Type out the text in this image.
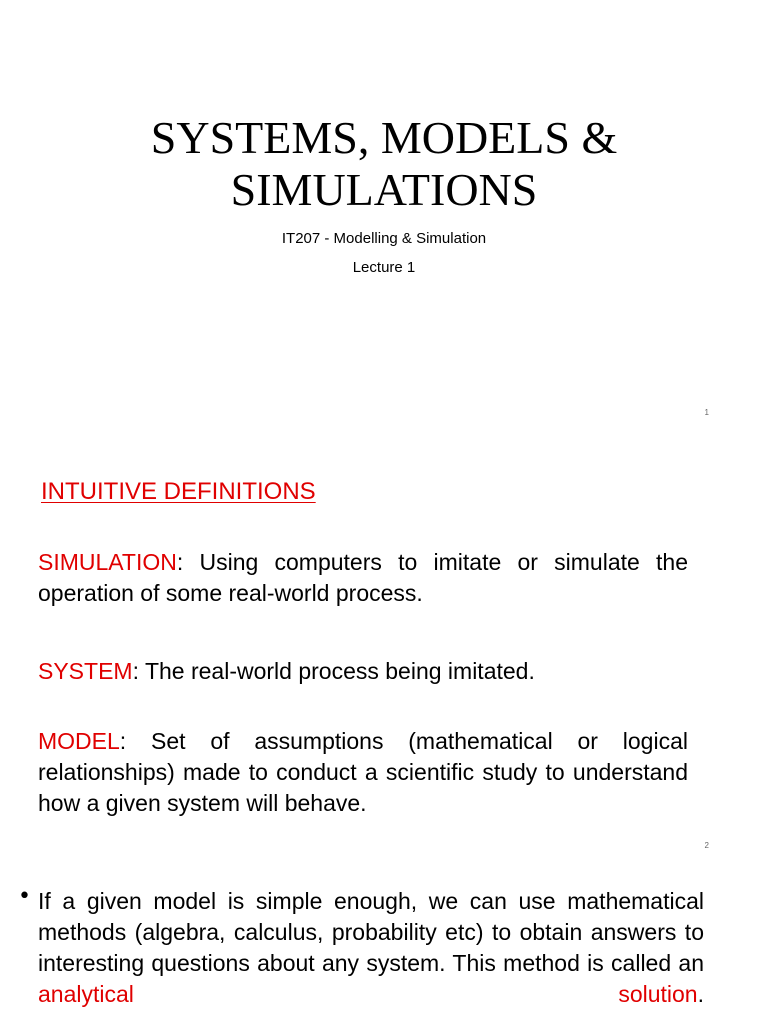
SYSTEMS, MODELS &
SIMULATIONS
IT207 - Modelling & Simulation
Lecture 1
1
INTUITIVE DEFINITIONS
SIMULATION: Using computers to imitate or simulate the operation of some real-world process.
SYSTEM: The real-world process being imitated.
MODEL: Set of assumptions (mathematical or logical relationships) made to conduct a scientific study to understand how a given system will behave.
2
• If a given model is simple enough, we can use mathematical methods (algebra, calculus, probability etc) to obtain answers to interesting questions about any system. This method is called an analytical solution.
